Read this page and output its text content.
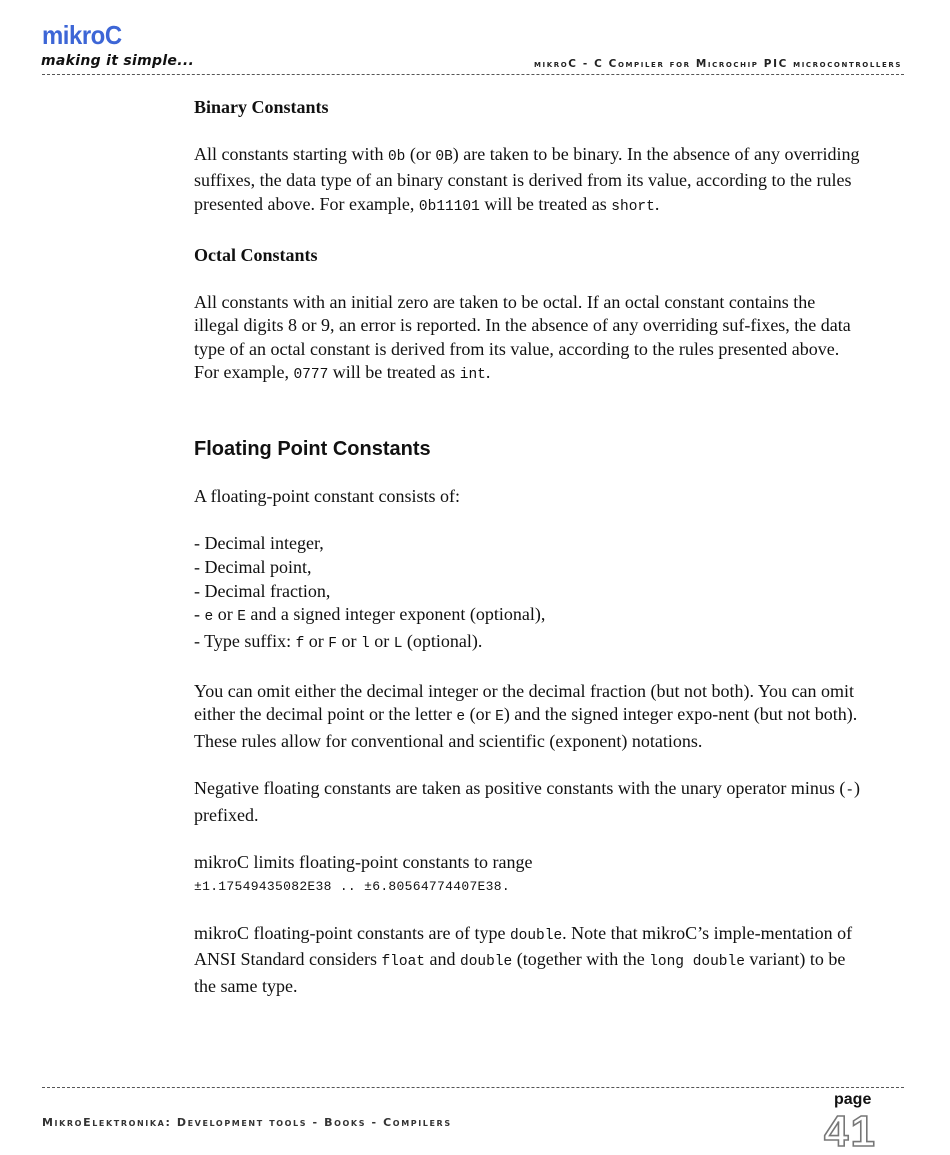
mikroC
making it simple...	mikroC - C Compiler for Microchip PIC microcontrollers
Binary Constants
All constants starting with 0b (or 0B) are taken to be binary. In the absence of any overriding suffixes, the data type of an binary constant is derived from its value, according to the rules presented above. For example, 0b11101 will be treated as short.
Octal Constants
All constants with an initial zero are taken to be octal. If an octal constant contains the illegal digits 8 or 9, an error is reported. In the absence of any overriding suf-fixes, the data type of an octal constant is derived from its value, according to the rules presented above. For example, 0777 will be treated as int.
Floating Point Constants
A floating-point constant consists of:
- Decimal integer,
- Decimal point,
- Decimal fraction,
- e or E and a signed integer exponent (optional),
- Type suffix: f or F or l or L (optional).
You can omit either the decimal integer or the decimal fraction (but not both). You can omit either the decimal point or the letter e (or E) and the signed integer expo-nent (but not both). These rules allow for conventional and scientific (exponent) notations.
Negative floating constants are taken as positive constants with the unary operator minus (-) prefixed.
mikroC limits floating-point constants to range
±1.17549435082E38 .. ±6.80564774407E38.
mikroC floating-point constants are of type double. Note that mikroC’s imple-mentation of ANSI Standard considers float and double (together with the long double variant) to be the same type.
MikroElektronika: Development tools - Books - Compilers
page
41
